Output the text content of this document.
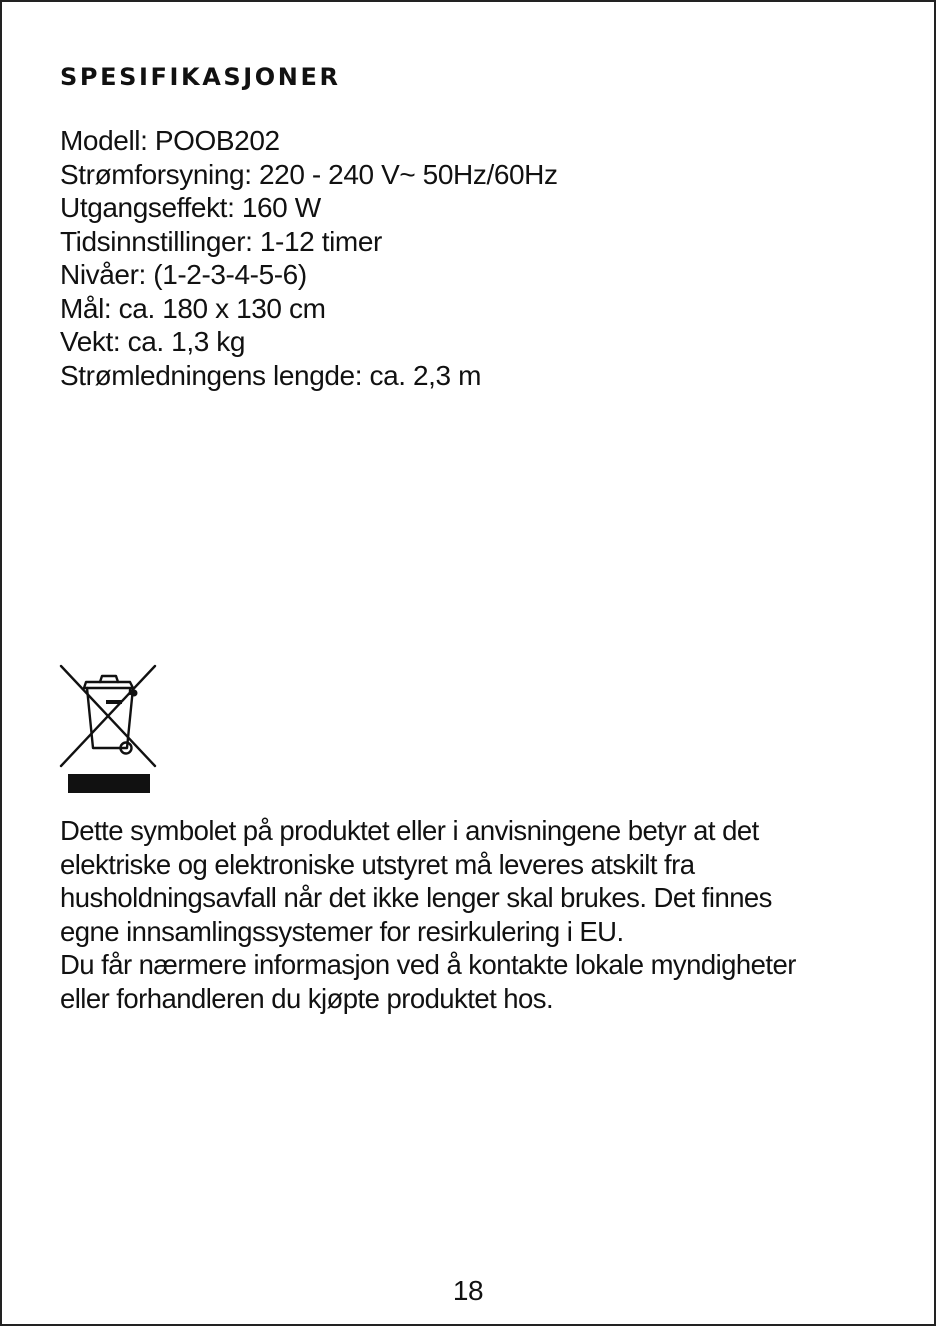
SPESIFIKASJONER
Modell: POOB202
Strømforsyning: 220 - 240 V~ 50Hz/60Hz
Utgangseffekt: 160 W
Tidsinnstillinger: 1-12 timer
Nivåer: (1-2-3-4-5-6)
Mål: ca. 180 x 130 cm
Vekt: ca. 1,3 kg
Strømledningens lengde: ca. 2,3 m

Dette symbolet på produktet eller i anvisningene betyr at det

elektriske og elektroniske utstyret må leveres atskilt fra

husholdningsavfall når det ikke lenger skal brukes. Det finnes

egne innsamlingssystemer for resirkulering i EU.

Du får nærmere informasjon ved å kontakte lokale myndigheter

eller forhandleren du kjøpte produktet hos.

18
